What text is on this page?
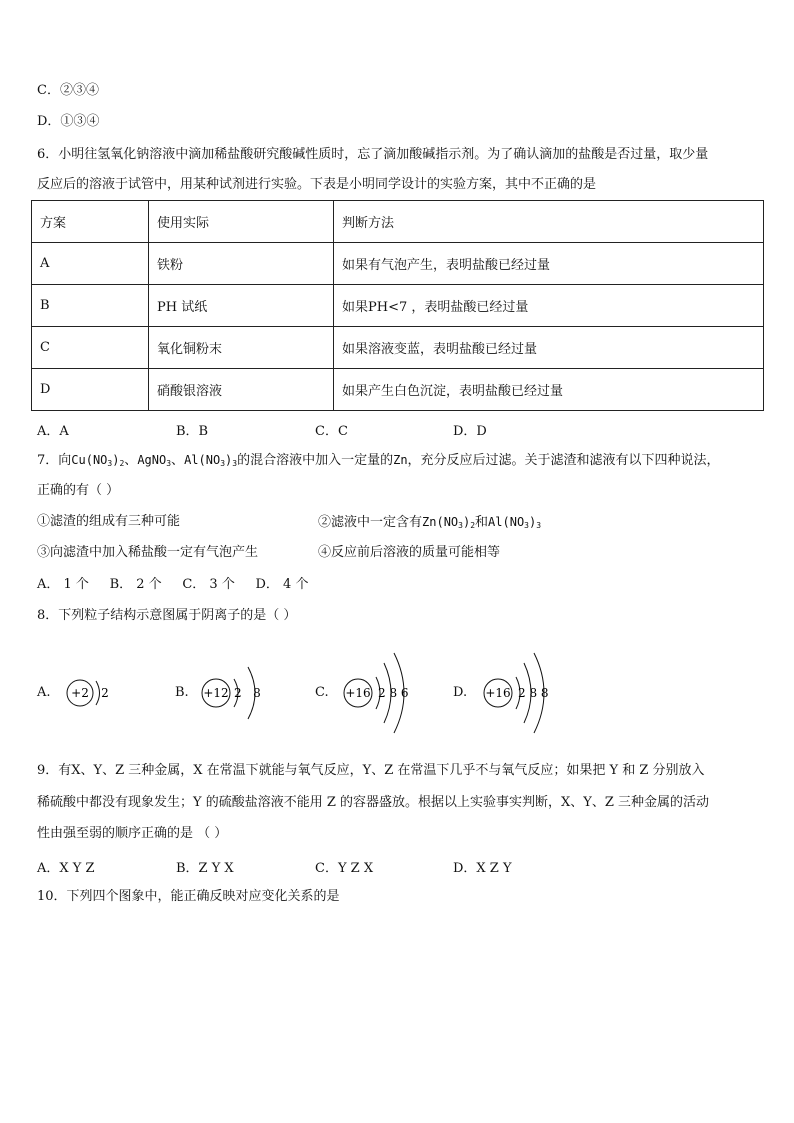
C．②③④
D．①③④
6．小明往氢氧化钠溶液中滴加稀盐酸研究酸碱性质时，忘了滴加酸碱指示剂。为了确认滴加的盐酸是否过量，取少量
反应后的溶液于试管中，用某种试剂进行实验。下表是小明同学设计的实验方案，其中不正确的是
方案	使用实际	判断方法
A	铁粉	如果有气泡产生，表明盐酸已经过量
B	PH 试纸	如果PH<7 ，表明盐酸已经过量
C	氧化铜粉末	如果溶液变蓝，表明盐酸已经过量
D	硝酸银溶液	如果产生白色沉淀，表明盐酸已经过量
A．A	B．B	C．C	D．D
7．向$Cu(NO_3)_2$、AgNO$_3$、$Al(NO_3)_3$的混合溶液中加入一定量的Zn，充分反应后过滤。关于滤渣和滤液有以下四种说法，
正确的有（ ）
①滤渣的组成有三种可能	②滤液中一定含有$Zn(NO_3)_2$和$Al(NO_3)_3$
③向滤渣中加入稀盐酸一定有气泡产生	④反应前后溶液的质量可能相等
A． 1 个     B． 2 个     C． 3 个     D． 4 个
8．下列粒子结构示意图属于阴离子的是（ ）
A. +2 2	B. +12 2   8	C. +16 2 8 6	D. +16 2 8 8
9．有X、Y、Z 三种金属，X 在常温下就能与氧气反应，Y、Z 在常温下几乎不与氧气反应；如果把 Y 和 Z 分别放入
稀硫酸中都没有现象发生；Y 的硫酸盐溶液不能用 Z 的容器盛放。根据以上实验事实判断，X、Y、Z 三种金属的活动
性由强至弱的顺序正确的是 （ ）
A．X Y Z	B．Z Y X	C．Y Z X	D．X Z Y
10．下列四个图象中，能正确反映对应变化关系的是
